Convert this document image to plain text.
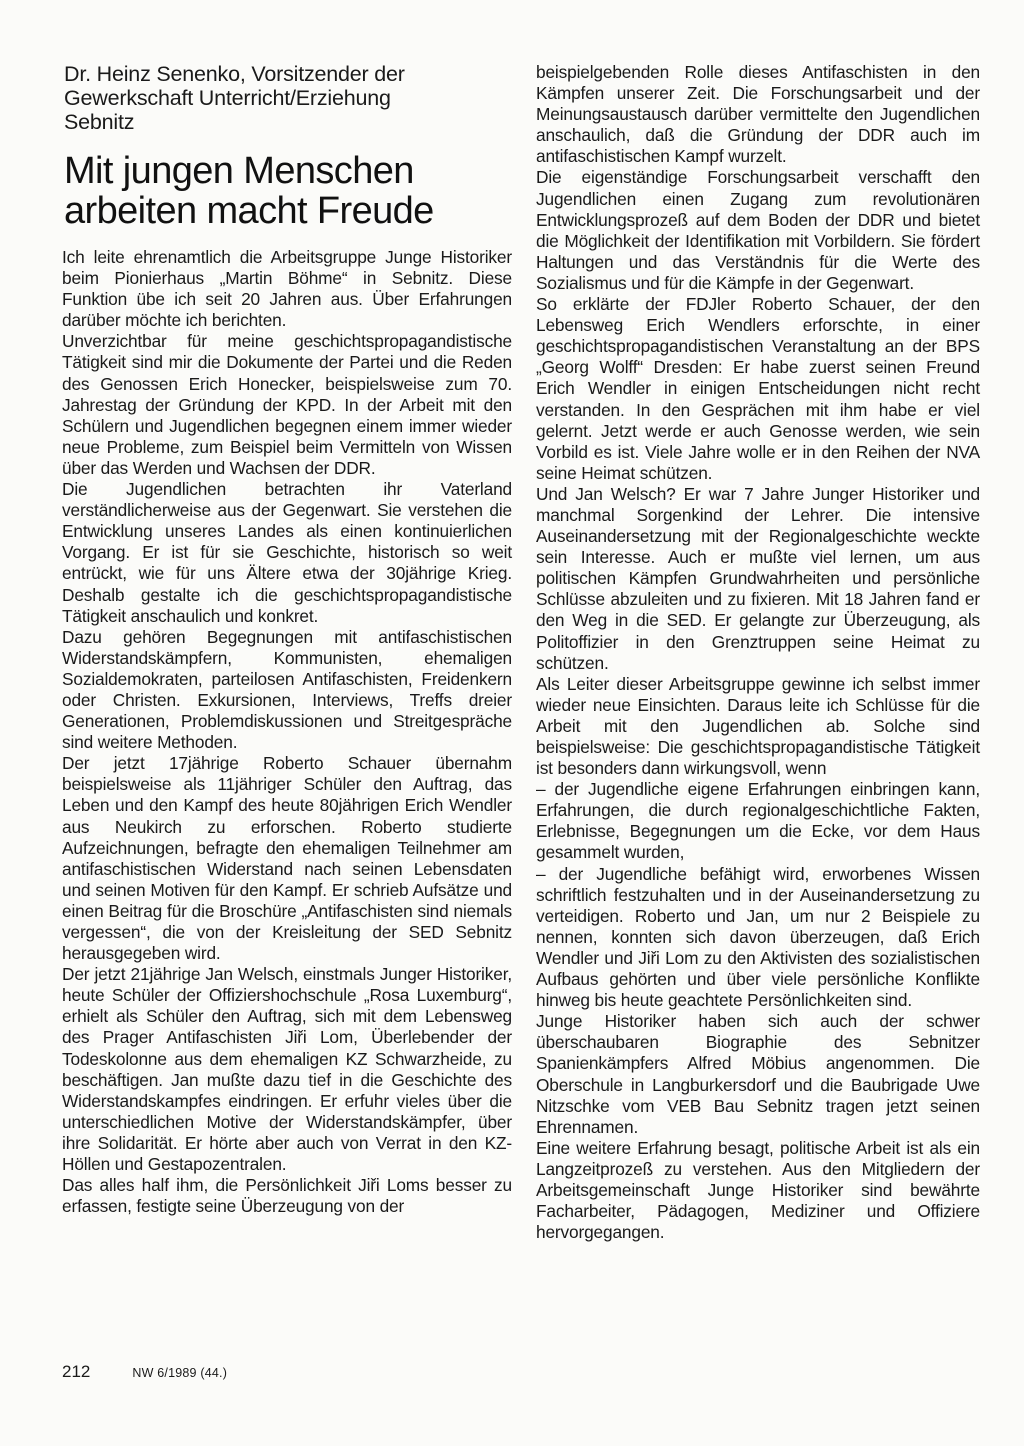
Dr. Heinz Senenko, Vorsitzender der
Gewerkschaft Unterricht/Erziehung
Sebnitz
Mit jungen Menschen
arbeiten macht Freude

Ich leite ehrenamtlich die Arbeitsgruppe Junge Historiker beim Pionierhaus „Martin Böhme“ in Sebnitz. Diese Funktion übe ich seit 20 Jahren aus. Über Erfahrungen darüber möchte ich berichten.

Unverzichtbar für meine geschichtspropagandistische Tätigkeit sind mir die Dokumente der Partei und die Reden des Genossen Erich Honecker, beispielsweise zum 70. Jahrestag der Gründung der KPD. In der Arbeit mit den Schülern und Jugendlichen begegnen einem immer wieder neue Probleme, zum Beispiel beim Vermitteln von Wissen über das Werden und Wachsen der DDR.

Die Jugendlichen betrachten ihr Vaterland verständlicherweise aus der Gegenwart. Sie verstehen die Entwicklung unseres Landes als einen kontinuierlichen Vorgang. Er ist für sie Geschichte, historisch so weit entrückt, wie für uns Ältere etwa der 30jährige Krieg. Deshalb gestalte ich die geschichtspropagandistische Tätigkeit anschaulich und konkret.

Dazu gehören Begegnungen mit antifaschistischen Widerstandskämpfern, Kommunisten, ehemaligen Sozialdemokraten, parteilosen Antifaschisten, Freidenkern oder Christen. Exkursionen, Interviews, Treffs dreier Generationen, Problemdiskussionen und Streitgespräche sind weitere Methoden.

Der jetzt 17jährige Roberto Schauer übernahm beispielsweise als 11jähriger Schüler den Auftrag, das Leben und den Kampf des heute 80jährigen Erich Wendler aus Neukirch zu erforschen. Roberto studierte Aufzeichnungen, befragte den ehemaligen Teilnehmer am antifaschistischen Widerstand nach seinen Lebensdaten und seinen Motiven für den Kampf. Er schrieb Aufsätze und einen Beitrag für die Broschüre „Antifaschisten sind niemals vergessen“, die von der Kreisleitung der SED Sebnitz herausgegeben wird.

Der jetzt 21jährige Jan Welsch, einstmals Junger Historiker, heute Schüler der Offiziershochschule „Rosa Luxemburg“, erhielt als Schüler den Auftrag, sich mit dem Lebensweg des Prager Antifaschisten Jiři Lom, Überlebender der Todeskolonne aus dem ehemaligen KZ Schwarzheide, zu beschäftigen. Jan mußte dazu tief in die Geschichte des Widerstandskampfes eindringen. Er erfuhr vieles über die unterschiedlichen Motive der Widerstandskämpfer, über ihre Solidarität. Er hörte aber auch von Verrat in den KZ-Höllen und Gestapozentralen.

Das alles half ihm, die Persönlichkeit Jiři Loms besser zu erfassen, festigte seine Überzeugung von der

beispielgebenden Rolle dieses Antifaschisten in den Kämpfen unserer Zeit. Die Forschungsarbeit und der Meinungsaustausch darüber vermittelte den Jugendlichen anschaulich, daß die Gründung der DDR auch im antifaschistischen Kampf wurzelt.

Die eigenständige Forschungsarbeit verschafft den Jugendlichen einen Zugang zum revolutionären Entwicklungsprozeß auf dem Boden der DDR und bietet die Möglichkeit der Identifikation mit Vorbildern. Sie fördert Haltungen und das Verständnis für die Werte des Sozialismus und für die Kämpfe in der Gegenwart.

So erklärte der FDJler Roberto Schauer, der den Lebensweg Erich Wendlers erforschte, in einer geschichtspropagandistischen Veranstaltung an der BPS „Georg Wolff“ Dresden: Er habe zuerst seinen Freund Erich Wendler in einigen Entscheidungen nicht recht verstanden. In den Gesprächen mit ihm habe er viel gelernt. Jetzt werde er auch Genosse werden, wie sein Vorbild es ist. Viele Jahre wolle er in den Reihen der NVA seine Heimat schützen.

Und Jan Welsch? Er war 7 Jahre Junger Historiker und manchmal Sorgenkind der Lehrer. Die intensive Auseinandersetzung mit der Regionalgeschichte weckte sein Interesse. Auch er mußte viel lernen, um aus politischen Kämpfen Grundwahrheiten und persönliche Schlüsse abzuleiten und zu fixieren. Mit 18 Jahren fand er den Weg in die SED. Er gelangte zur Überzeugung, als Politoffizier in den Grenztruppen seine Heimat zu schützen.

Als Leiter dieser Arbeitsgruppe gewinne ich selbst immer wieder neue Einsichten. Daraus leite ich Schlüsse für die Arbeit mit den Jugendlichen ab. Solche sind beispielsweise: Die geschichtspropagandistische Tätigkeit ist besonders dann wirkungsvoll, wenn

– der Jugendliche eigene Erfahrungen einbringen kann, Erfahrungen, die durch regionalgeschichtliche Fakten, Erlebnisse, Begegnungen um die Ecke, vor dem Haus gesammelt wurden,

– der Jugendliche befähigt wird, erworbenes Wissen schriftlich festzuhalten und in der Auseinandersetzung zu verteidigen. Roberto und Jan, um nur 2 Beispiele zu nennen, konnten sich davon überzeugen, daß Erich Wendler und Jiři Lom zu den Aktivisten des sozialistischen Aufbaus gehörten und über viele persönliche Konflikte hinweg bis heute geachtete Persönlichkeiten sind.

Junge Historiker haben sich auch der schwer überschaubaren Biographie des Sebnitzer Spanienkämpfers Alfred Möbius angenommen. Die Oberschule in Langburkersdorf und die Baubrigade Uwe Nitzschke vom VEB Bau Sebnitz tragen jetzt seinen Ehrennamen.

Eine weitere Erfahrung besagt, politische Arbeit ist als ein Langzeitprozeß zu verstehen. Aus den Mitgliedern der Arbeitsgemeinschaft Junge Historiker sind bewährte Facharbeiter, Pädagogen, Mediziner und Offiziere hervorgegangen.

212	NW 6/1989 (44.)
